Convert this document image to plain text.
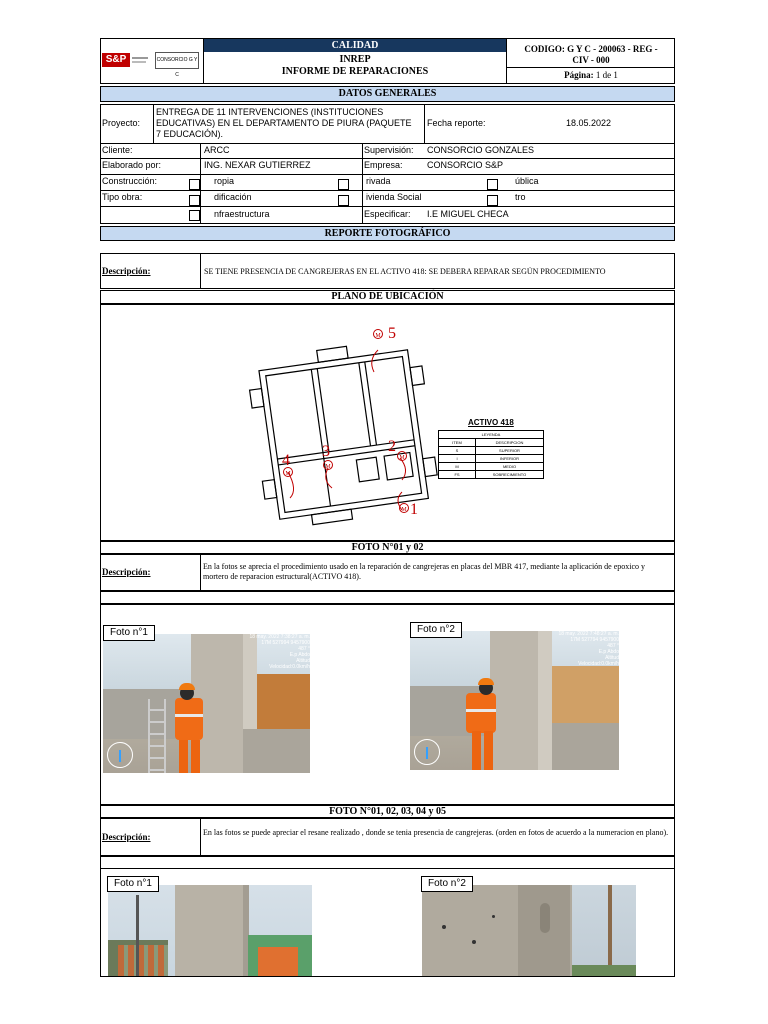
S&P	CONSORCIO G Y C
CALIDAD
INREP
INFORME DE REPARACIONES
CODIGO: G Y C - 200063 - REG -
CIV - 000
Página: 1 de 1
DATOS GENERALES
Proyecto:
ENTREGA DE 11 INTERVENCIONES (INSTITUCIONES EDUCATIVAS) EN EL DEPARTAMENTO DE PIURA (PAQUETE 7 EDUCACIÓN).
Fecha reporte:	18.05.2022
Cliente:	ARCC	Supervisión: CONSORCIO GONZALES
Elaborado por:	ING. NEXAR GUTIERREZ	Empresa:	CONSORCIO S&P
Construcción:	ropia	rivada	ública
Tipo obra:	dificación	ivienda Social	tro
nfraestructura	Especificar: I.E MIGUEL CHECA
REPORTE FOTOGRÁFICO
Descripción:	SE TIENE PRESENCIA DE CANGREJERAS EN EL ACTIVO 418: SE DEBERA REPARAR SEGÚN PROCEDIMIENTO
PLANO DE UBICACIÓN
M 5
M
4	M
3	M
2
M 1
ACTIVO 418
LEYENDA
ITEM	DESCRIPCION
S	SUPERIOR
I	INFERIOR
M	MEDIO
FS	SOBRECIMIENTO
FOTO N°01 y 02
Descripción:
En la fotos se aprecia el procedimiento usado en la reparación de cangrejeras en placas del MBR 417, mediante la aplicación de epoxico y mortero de reparacion estructural(ACTIVO 418).
18 may. 2022 7:38:27 a. m.
17M 527994 9457900
487 °
E.p Abdo
Altitud
Velocidad:0.0km/h
Foto n°1	18 may. 2022 7:48:27 a. m.
17M 527794 9457900
487 °
E.p Abdo
Altitud
Velocidad:0.0km/h
Foto n°2
FOTO N°01, 02, 03, 04 y 05
Descripción:	En las fotos se puede apreciar el resane realizado , donde se tenia presencia de cangrejeras. (orden en fotos de acuerdo a la numeracion en plano).
Foto n°1	Foto n°2
